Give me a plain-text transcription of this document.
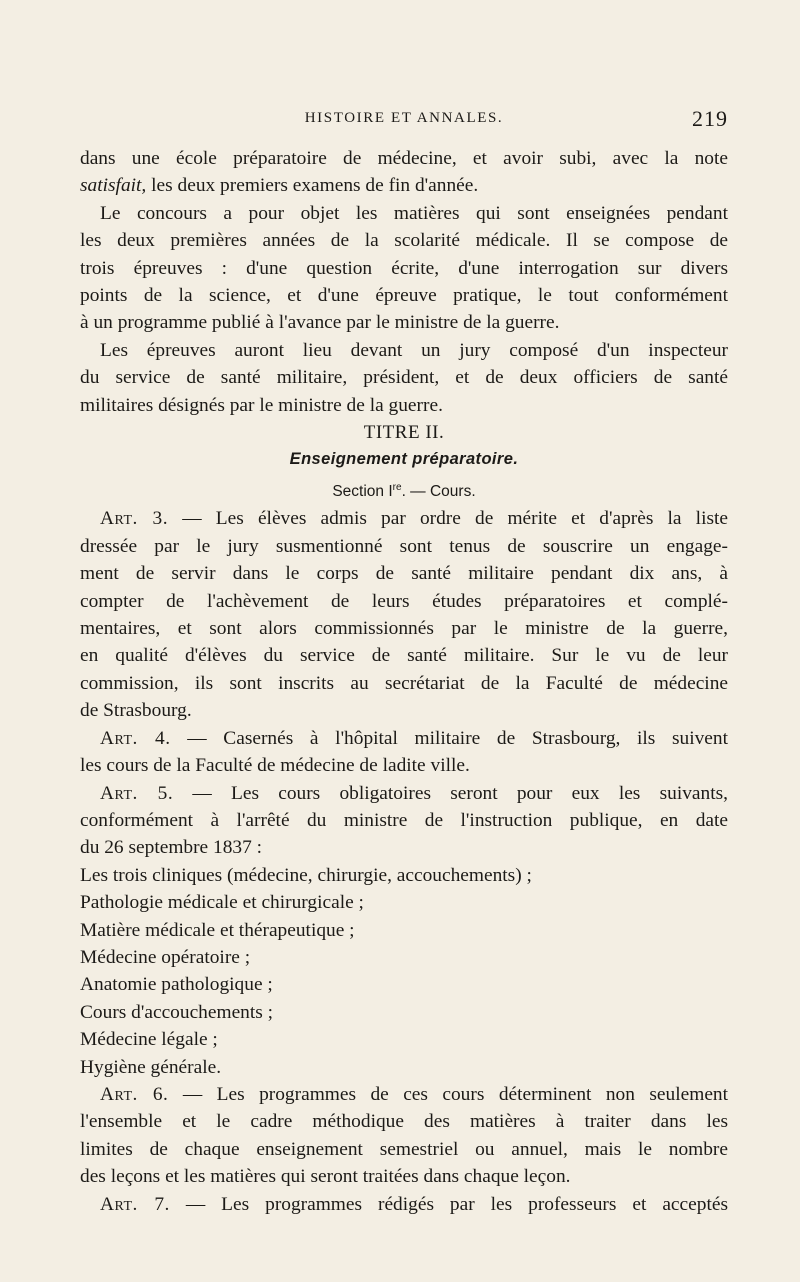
HISTOIRE ET ANNALES.	219

dans une école préparatoire de médecine, et avoir subi, avec la note

satisfait, les deux premiers examens de fin d'année.

Le concours a pour objet les matières qui sont enseignées pendant

les deux premières années de la scolarité médicale. Il se compose de

trois épreuves : d'une question écrite, d'une interrogation sur divers

points de la science, et d'une épreuve pratique, le tout conformément

à un programme publié à l'avance par le ministre de la guerre.

Les épreuves auront lieu devant un jury composé d'un inspecteur

du service de santé militaire, président, et de deux officiers de santé

militaires désignés par le ministre de la guerre.

TITRE II.

Enseignement préparatoire.

Section Ire. — Cours.

Art. 3. — Les élèves admis par ordre de mérite et d'après la liste

dressée par le jury susmentionné sont tenus de souscrire un engage-

ment de servir dans le corps de santé militaire pendant dix ans, à

compter de l'achèvement de leurs études préparatoires et complé-

mentaires, et sont alors commissionnés par le ministre de la guerre,

en qualité d'élèves du service de santé militaire. Sur le vu de leur

commission, ils sont inscrits au secrétariat de la Faculté de médecine

de Strasbourg.

Art. 4. — Casernés à l'hôpital militaire de Strasbourg, ils suivent

les cours de la Faculté de médecine de ladite ville.

Art. 5. — Les cours obligatoires seront pour eux les suivants,

conformément à l'arrêté du ministre de l'instruction publique, en date

du 26 septembre 1837 :

Les trois cliniques (médecine, chirurgie, accouchements) ;

Pathologie médicale et chirurgicale ;

Matière médicale et thérapeutique ;

Médecine opératoire ;

Anatomie pathologique ;

Cours d'accouchements ;

Médecine légale ;

Hygiène générale.

Art. 6. — Les programmes de ces cours déterminent non seulement

l'ensemble et le cadre méthodique des matières à traiter dans les

limites de chaque enseignement semestriel ou annuel, mais le nombre

des leçons et les matières qui seront traitées dans chaque leçon.

Art. 7. — Les programmes rédigés par les professeurs et acceptés
